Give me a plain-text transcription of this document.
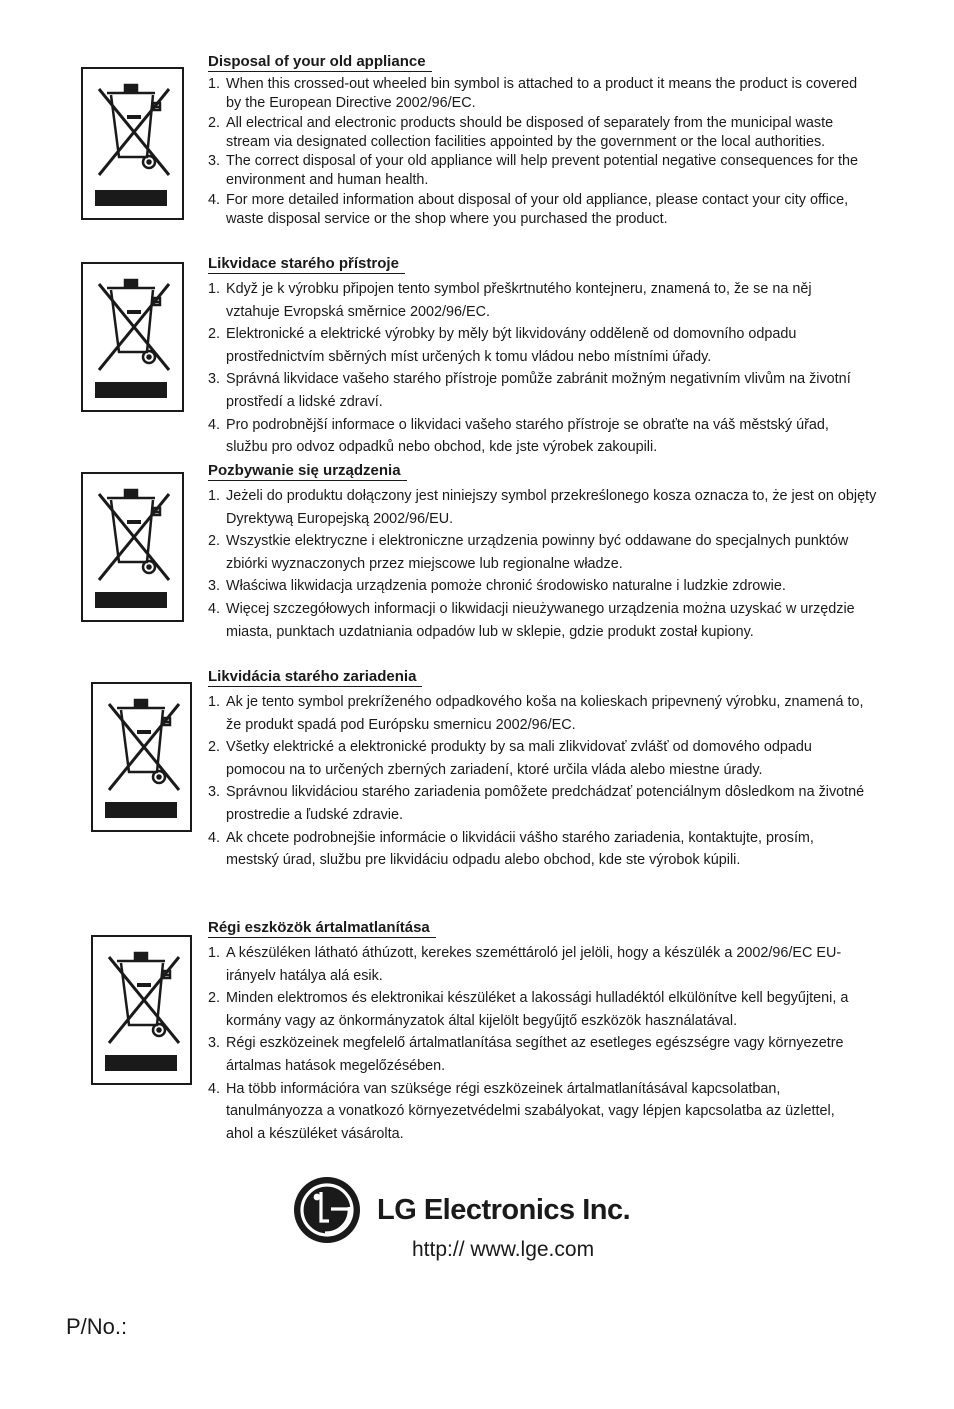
Disposal of your old appliance
1. When this crossed-out wheeled bin symbol is attached to a product it means the product is covered by the European Directive 2002/96/EC.
2. All electrical and electronic products should be disposed of separately from the municipal waste stream via designated collection facilities appointed by the government or the local authorities.
3. The correct disposal of your old appliance will help prevent potential negative consequences for the environment and human health.
4. For more detailed information about disposal of your old appliance, please contact your city office, waste disposal service or the shop where you purchased the product.
Likvidace starého přístroje
1. Když je k výrobku připojen tento symbol přeškrtnutého kontejneru, znamená to, že se na něj vztahuje Evropská směrnice 2002/96/EC.
2. Elektronické a elektrické výrobky by měly být likvidovány odděleně od domovního odpadu prostřednictvím sběrných míst určených k tomu vládou nebo místními úřady.
3. Správná likvidace vašeho starého přístroje pomůže zabránit možným negativním vlivům na životní prostředí a lidské zdraví.
4. Pro podrobnější informace o likvidaci vašeho starého přístroje se obraťte na váš městský úřad, službu pro odvoz odpadků nebo obchod, kde jste výrobek zakoupili.
Pozbywanie się urządzenia
1. Jeżeli do produktu dołączony jest niniejszy symbol przekreślonego kosza oznacza to, że jest on objęty Dyrektywą Europejską 2002/96/EU.
2. Wszystkie elektryczne i elektroniczne urządzenia powinny być oddawane do specjalnych punktów zbiórki wyznaczonych przez miejscowe lub regionalne władze.
3. Właściwa likwidacja urządzenia pomoże chronić środowisko naturalne i ludzkie zdrowie.
4. Więcej szczegółowych informacji o likwidacji nieużywanego urządzenia można uzyskać w urzędzie miasta, punktach uzdatniania odpadów lub w sklepie, gdzie produkt został kupiony.
Likvidácia starého zariadenia
1. Ak je tento symbol prekríženého odpadkového koša na kolieskach pripevnený výrobku, znamená to, že produkt spadá pod Európsku smernicu 2002/96/EC.
2. Všetky elektrické a elektronické produkty by sa mali zlikvidovať zvlášť od domového odpadu pomocou na to určených zberných zariadení, ktoré určila vláda alebo miestne úrady.
3. Správnou likvidáciou starého zariadenia pomôžete predchádzať potenciálnym dôsledkom na životné prostredie a ľudské zdravie.
4. Ak chcete podrobnejšie informácie o likvidácii vášho starého zariadenia, kontaktujte, prosím, mestský úrad, službu pre likvidáciu odpadu alebo obchod, kde ste výrobok kúpili.
Régi eszközök ártalmatlanítása
1. A készüléken látható áthúzott, kerekes szeméttároló jel jelöli, hogy a készülék a 2002/96/EC EU-irányelv hatálya alá esik.
2. Minden elektromos és elektronikai készüléket a lakossági hulladéktól elkülönítve kell begyűjteni, a kormány vagy az önkormányzatok által kijelölt begyűjtő eszközök használatával.
3. Régi eszközeinek megfelelő ártalmatlanítása segíthet az esetleges egészségre vagy környezetre ártalmas hatások megelőzésében.
4. Ha több információra van szüksége régi eszközeinek ártalmatlanításával kapcsolatban, tanulmányozza a vonatkozó környezetvédelmi szabályokat, vagy lépjen kapcsolatba az üzlettel, ahol a készüléket vásárolta.
LG Electronics Inc.
http:// www.lge.com
P/No.:
